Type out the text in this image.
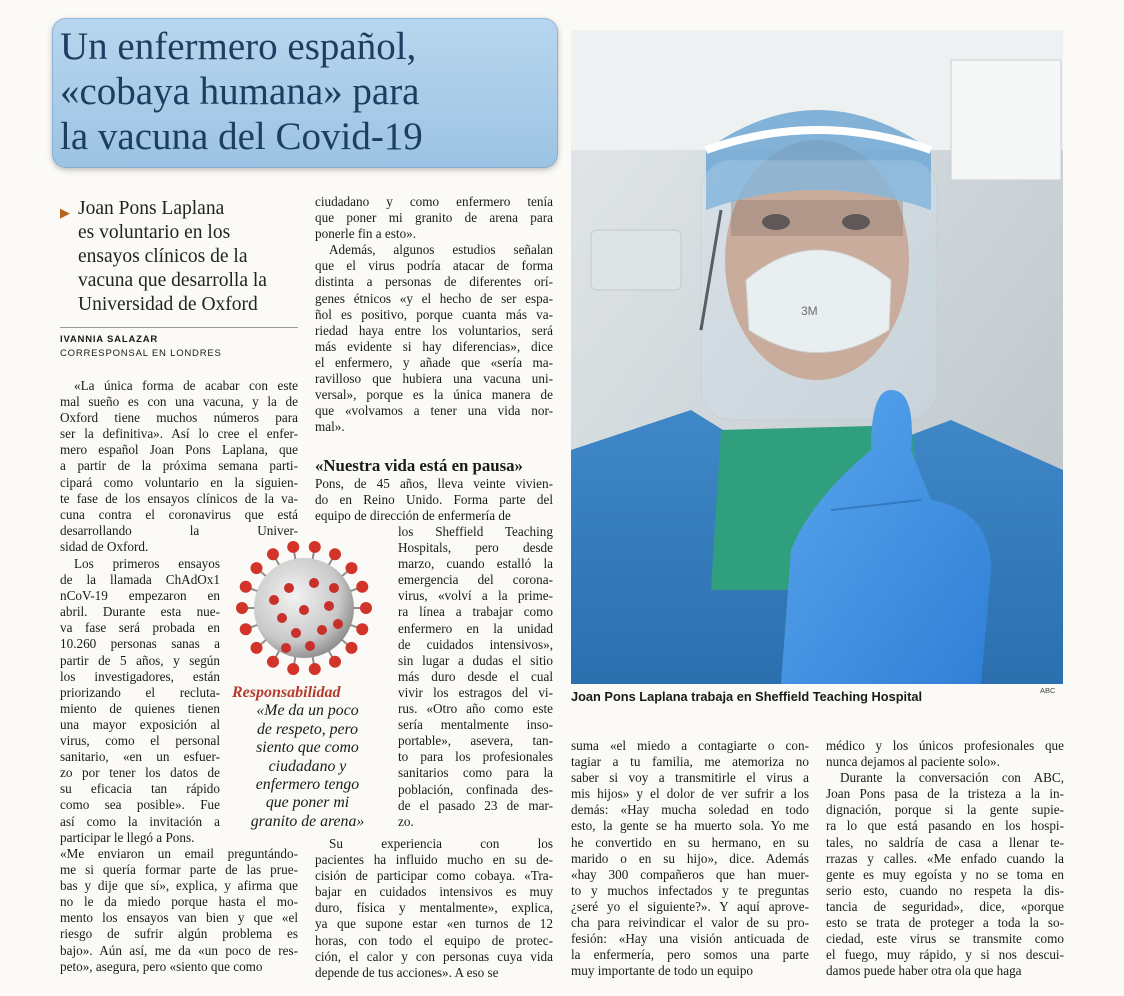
Un enfermero español,
«cobaya humana» para
la vacuna del Covid-19
▶ Joan Pons Laplana
es voluntario en los
ensayos clínicos de la
vacuna que desarrolla la
Universidad de Oxford
IVANNIA SALAZAR
CORRESPONSAL EN LONDRES
«La única forma de acabar con este
mal sueño es con una vacuna, y la de
Oxford tiene muchos números para
ser la definitiva». Así lo cree el enfer-
mero español Joan Pons Laplana, que
a partir de la próxima semana parti-
cipará como voluntario en la siguien-
te fase de los ensayos clínicos de la va-
cuna contra el coronavirus que está
desarrollando la Univer-
sidad de Oxford.
Los primeros ensayos
de la llamada ChAdOx1
nCoV-19 empezaron en
abril. Durante esta nue-
va fase será probada en
10.260 personas sanas a
partir de 5 años, y según
los investigadores, están
priorizando el recluta-
miento de quienes tienen
una mayor exposición al
virus, como el personal
sanitario, «en un esfuer-
zo por tener los datos de
su eficacia tan rápido
como sea posible». Fue
así como la invitación a
participar le llegó a Pons.
«Me enviaron un email preguntándo-
me si quería formar parte de las prue-
bas y dije que sí», explica, y afirma que
no le da miedo porque hasta el mo-
mento los ensayos van bien y que «el
riesgo de sufrir algún problema es
bajo». Aún así, me da «un poco de res-
peto», asegura, pero «siento que como
Responsabilidad
«Me da un poco
de respeto, pero
siento que como
ciudadano y
enfermero tengo
que poner mi
granito de arena»
ciudadano y como enfermero tenía
que poner mi granito de arena para
ponerle fin a esto».
Además, algunos estudios señalan
que el virus podría atacar de forma
distinta a personas de diferentes orí-
genes étnicos «y el hecho de ser espa-
ñol es positivo, porque cuanta más va-
riedad haya entre los voluntarios, será
más evidente si hay diferencias», dice
el enfermero, y añade que «sería ma-
ravilloso que hubiera una vacuna uni-
versal», porque es la única manera de
que «volvamos a tener una vida nor-
mal».
«Nuestra vida está en pausa»
Pons, de 45 años, lleva veinte vivien-
do en Reino Unido. Forma parte del
equipo de dirección de enfermería de
los Sheffield Teaching
Hospitals, pero desde
marzo, cuando estalló la
emergencia del corona-
virus, «volví a la prime-
ra línea a trabajar como
enfermero en la unidad
de cuidados intensivos»,
sin lugar a dudas el sitio
más duro desde el cual
vivir los estragos del vi-
rus. «Otro año como este
sería mentalmente inso-
portable», asevera, tan-
to para los profesionales
sanitarios como para la
población, confinada des-
de el pasado 23 de mar-
zo.
Su experiencia con los
pacientes ha influido mucho en su de-
cisión de participar como cobaya. «Tra-
bajar en cuidados intensivos es muy
duro, física y mentalmente», explica,
ya que supone estar «en turnos de 12
horas, con todo el equipo de protec-
ción, el calor y con personas cuya vida
depende de tus acciones». A eso se
3M
Joan Pons Laplana trabaja en Sheffield Teaching Hospital	ABC
suma «el miedo a contagiarte o con-
tagiar a tu familia, me atemoriza no
saber si voy a transmitirle el virus a
mis hijos» y el dolor de ver sufrir a los
demás: «Hay mucha soledad en todo
esto, la gente se ha muerto sola. Yo me
he convertido en su hermano, en su
marido o en su hijo», dice. Además
«hay 300 compañeros que han muer-
to y muchos infectados y te preguntas
¿seré yo el siguiente?». Y aquí aprove-
cha para reivindicar el valor de su pro-
fesión: «Hay una visión anticuada de
la enfermería, pero somos una parte
muy importante de todo un equipo
médico y los únicos profesionales que
nunca dejamos al paciente solo».
Durante la conversación con ABC,
Joan Pons pasa de la tristeza a la in-
dignación, porque si la gente supie-
ra lo que está pasando en los hospi-
tales, no saldría de casa a llenar te-
rrazas y calles. «Me enfado cuando la
gente es muy egoísta y no se toma en
serio esto, cuando no respeta la dis-
tancia de seguridad», dice, «porque
esto se trata de proteger a toda la so-
ciedad, este virus se transmite como
el fuego, muy rápido, y si nos descui-
damos puede haber otra ola que haga
